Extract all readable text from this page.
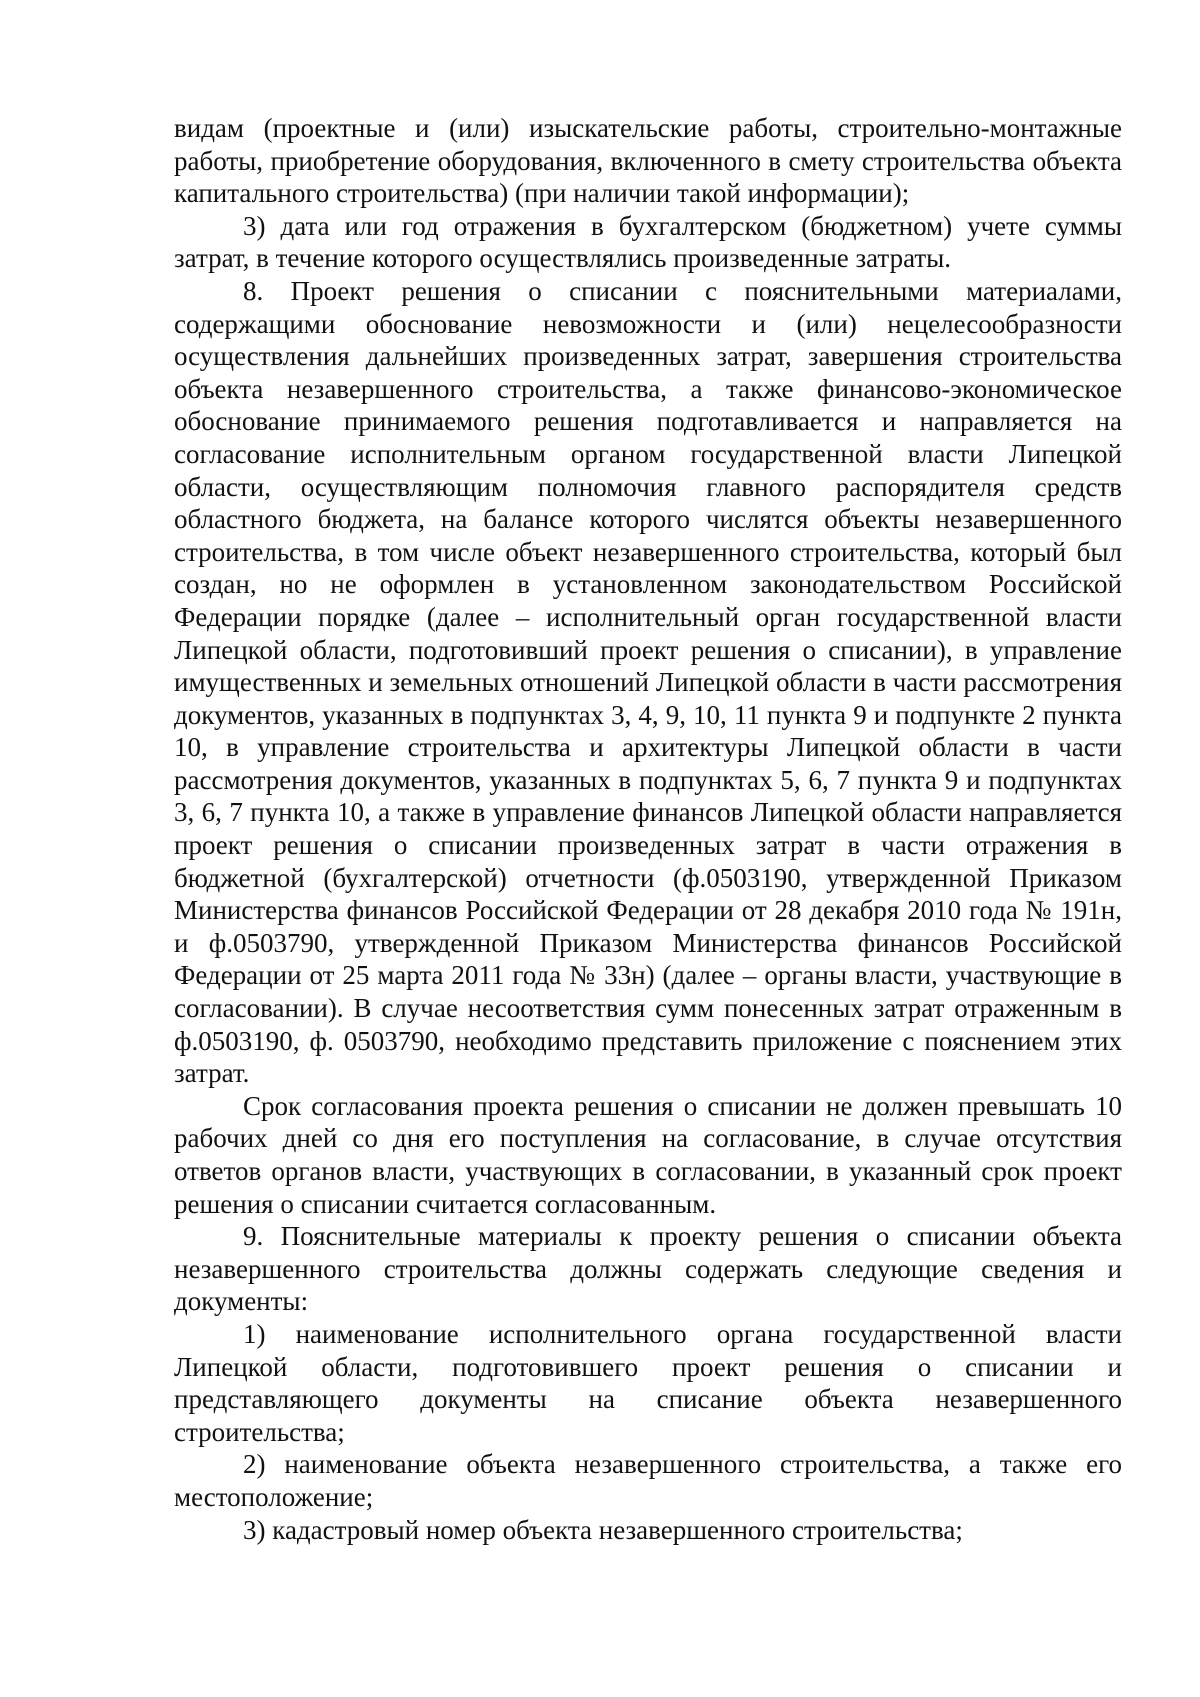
видам (проектные и (или) изыскательские работы, строительно-монтажные работы, приобретение оборудования, включенного в смету строительства объекта капитального строительства) (при наличии такой информации);

3) дата или год отражения в бухгалтерском (бюджетном) учете суммы затрат, в течение которого осуществлялись произведенные затраты.

8. Проект решения о списании с пояснительными материалами, содержащими обоснование невозможности и (или) нецелесообразности осуществления дальнейших произведенных затрат, завершения строительства объекта незавершенного строительства, а также финансово-экономическое обоснование принимаемого решения подготавливается и направляется на согласование исполнительным органом государственной власти Липецкой области, осуществляющим полномочия главного распорядителя средств областного бюджета, на балансе которого числятся объекты незавершенного строительства, в том числе объект незавершенного строительства, который был создан, но не оформлен в установленном законодательством Российской Федерации порядке (далее – исполнительный орган государственной власти Липецкой области, подготовивший проект решения о списании), в управление имущественных и земельных отношений Липецкой области в части рассмотрения документов, указанных в подпунктах 3, 4, 9, 10, 11 пункта 9 и подпункте 2 пункта 10, в управление строительства и архитектуры Липецкой области в части рассмотрения документов, указанных в подпунктах 5, 6, 7 пункта 9 и подпунктах 3, 6, 7 пункта 10, а также в управление финансов Липецкой области направляется проект решения о списании произведенных затрат в части отражения в бюджетной (бухгалтерской) отчетности (ф.0503190, утвержденной Приказом Министерства финансов Российской Федерации от 28 декабря 2010 года № 191н, и ф.0503790, утвержденной Приказом Министерства финансов Российской Федерации от 25 марта 2011 года № 33н) (далее – органы власти, участвующие в согласовании). В случае несоответствия сумм понесенных затрат отраженным в ф.0503190, ф. 0503790, необходимо представить приложение с пояснением этих затрат.

Срок согласования проекта решения о списании не должен превышать 10 рабочих дней со дня его поступления на согласование, в случае отсутствия ответов органов власти, участвующих в согласовании, в указанный срок проект решения о списании считается согласованным.

9. Пояснительные материалы к проекту решения о списании объекта незавершенного строительства должны содержать следующие сведения и документы:

1) наименование исполнительного органа государственной власти Липецкой области, подготовившего проект решения о списании и представляющего документы на списание объекта незавершенного строительства;

2) наименование объекта незавершенного строительства, а также его местоположение;

3) кадастровый номер объекта незавершенного строительства;
